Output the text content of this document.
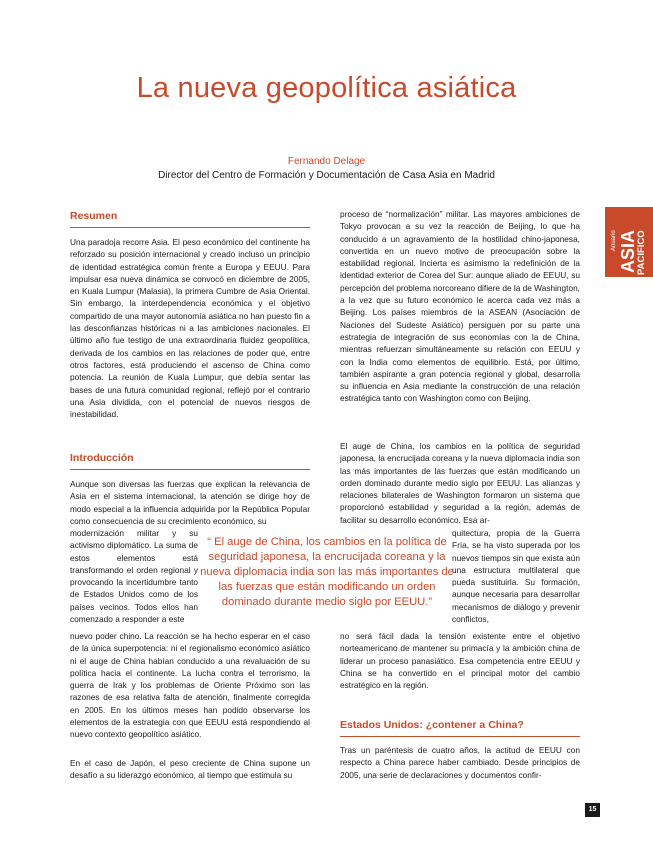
La nueva geopolítica asiática
Fernando Delage
Director del Centro de Formación y Documentación de Casa Asia en Madrid
Resumen

Una paradoja recorre Asia. El peso económico del continente ha reforzado su posición internacional y creado incluso un principio de identidad estratégica común frente a Europa y EEUU. Para impulsar esa nueva dinámica se convocó en diciembre de 2005, en Kuala Lumpur (Malasia), la primera Cumbre de Asia Oriental. Sin embargo, la interdependencia económica y el objetivo compartido de una mayor autonomía asiática no han puesto fin a las desconfianzas históricas ni a las ambiciones nacionales. El último año fue testigo de una extraordinaria fluidez geopolítica, derivada de los cambios en las relaciones de poder que, entre otros factores, está produciendo el ascenso de China como potencia. La reunión de Kuala Lumpur, que debía sentar las bases de una futura comunidad regional, reflejó por el contrario una Asia dividida, con el potencial de nuevos riesgos de inestabilidad.

Introducción

Aunque son diversas las fuerzas que explican la relevancia de Asia en el sistema internacional, la atención se dirige hoy de modo especial a la influencia adquirida por la República Popular como consecuencia de su crecimiento económico, su

modernización militar y su activismo diplomático. La suma de estos elementos está transformando el orden regional y provocando la incertidumbre tanto de Estados Unidos como de los países vecinos. Todos ellos han comenzado a responder a este

nuevo poder chino. La reacción se ha hecho esperar en el caso de la única superpotencia: ni el regionalismo económico asiático ni el auge de China habían conducido a una revaluación de su política hacia el continente. La lucha contra el terrorismo, la guerra de Irak y los problemas de Oriente Próximo son las razones de esa relativa falta de atención, finalmente corregida en 2005. En los últimos meses han podido observarse los elementos de la estrategia con que EEUU está respondiendo al nuevo contexto geopolítico asiático.

En el caso de Japón, el peso creciente de China supone un desafío a su liderazgo económico, al tiempo que estimula su

proceso de “normalización” militar. Las mayores ambiciones de Tokyo provocan a su vez la reacción de Beijing, lo que ha conducido a un agravamiento de la hostilidad chino-japonesa, convertida en un nuevo motivo de preocupación sobre la estabilidad regional. Incierta es asimismo la redefinición de la identidad exterior de Corea del Sur: aunque aliado de EEUU, su percepción del problema norcoreano difiere de la de Washington, a la vez que su futuro económico le acerca cada vez más a Beijing. Los países miembros de la ASEAN (Asociación de Naciones del Sudeste Asiático) persiguen por su parte una estrategia de integración de sus economías con la de China, mientras refuerzan simultáneamente su relación con EEUU y con la India como elementos de equilibrio. Está, por último, también aspirante a gran potencia regional y global, desarrolla su influencia en Asia mediante la construcción de una relación estratégica tanto con Washington como con Beijing.

El auge de China, los cambios en la política de seguridad japonesa, la encrucijada coreana y la nueva diplomacia india son las más importantes de las fuerzas que están modificando un orden dominado durante medio siglo por EEUU. Las alianzas y relaciones bilaterales de Washington formaron un sistema que proporcionó estabilidad y seguridad a la región, además de facilitar su desarrollo económico. Esa ar-

quitectura, propia de la Guerra Fría, se ha visto superada por los nuevos tiempos sin que exista aún una estructura multilateral que pueda sustituirla. Su formación, aunque necesaria para desarrollar mecanismos de diálogo y prevenir conflictos,

no será fácil dada la tensión existente entre el objetivo norteamericano de mantener su primacía y la ambición china de liderar un proceso panasiático. Esa competencia entre EEUU y China se ha convertido en el principal motor del cambio estratégico en la región.

Estados Unidos: ¿contener a China?

Tras un paréntesis de cuatro años, la actitud de EEUU con respecto a China parece haber cambiado. Desde principios de 2005, una serie de declaraciones y documentos confir-

“ El auge de China, los cambios en la política de seguridad japonesa, la encrucijada coreana y la nueva diplomacia india son las más importantes de las fuerzas que están modificando un orden dominado durante medio siglo por EEUU.”
Anuario ASIA
PACIFICO
15
